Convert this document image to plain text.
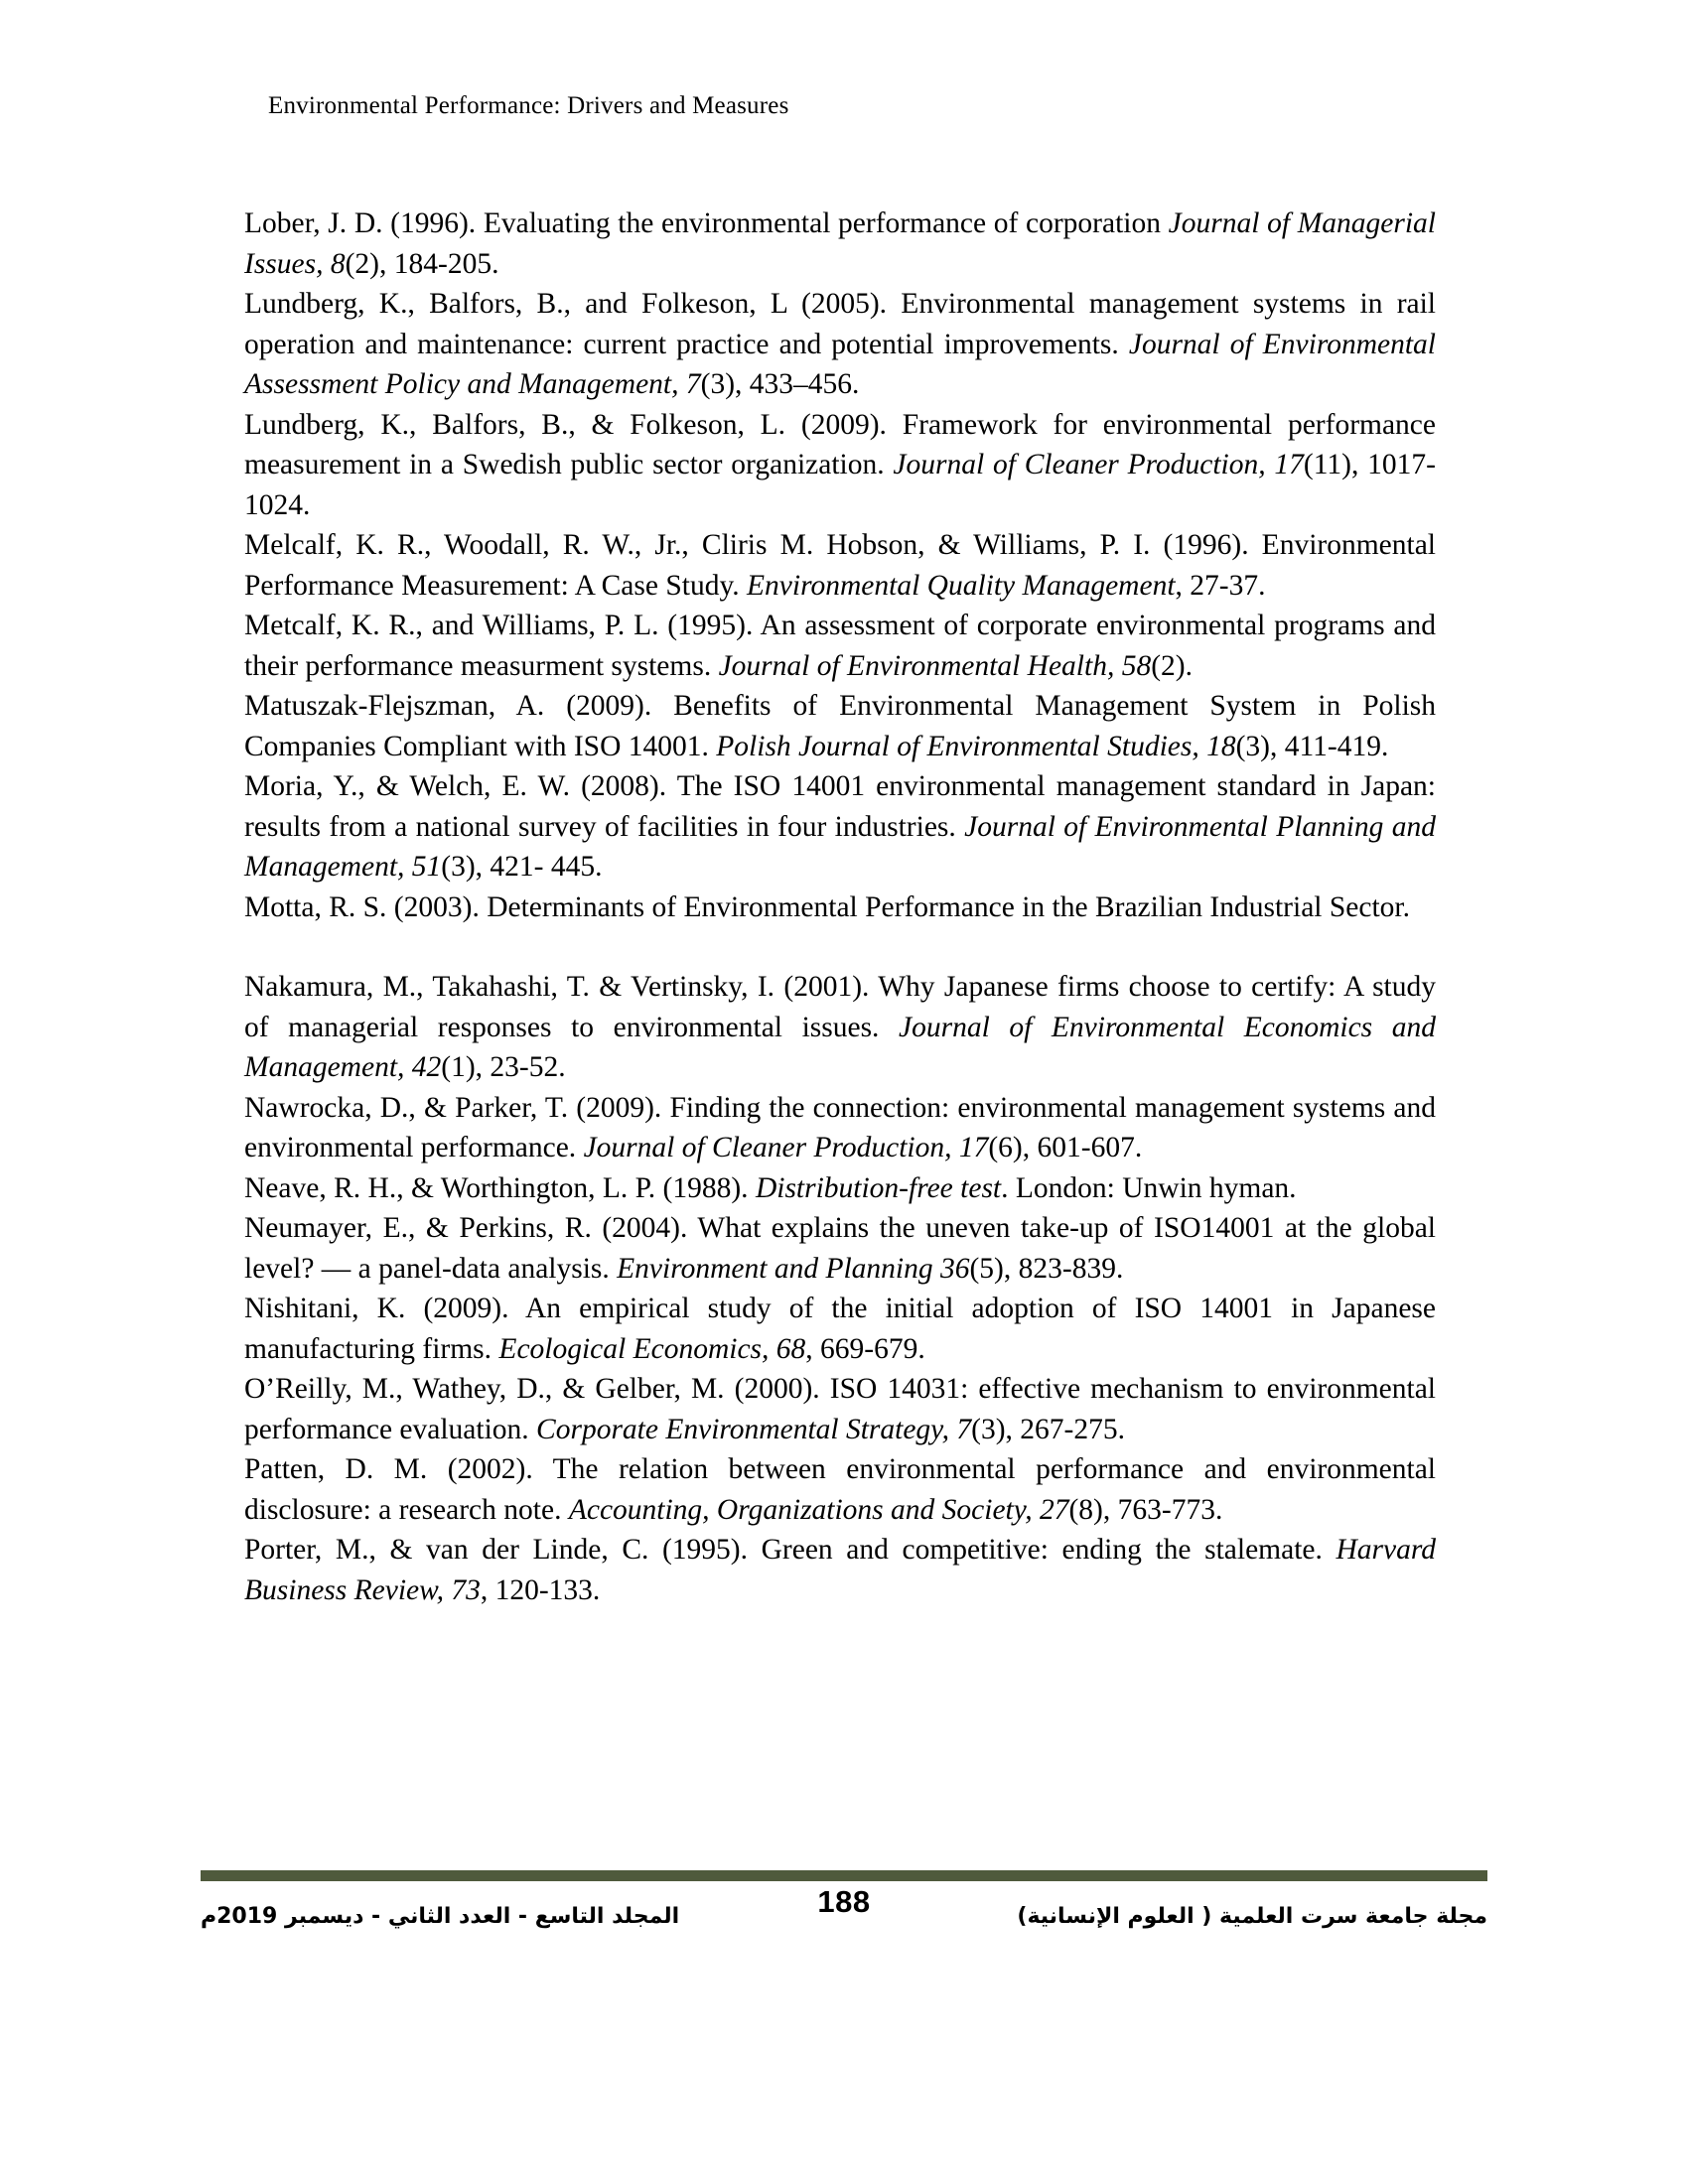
Environmental Performance: Drivers and Measures

Lober, J. D. (1996). Evaluating the environmental performance of corporation Journal of Managerial Issues, 8(2), 184-205.

Lundberg, K., Balfors, B., and Folkeson, L (2005). Environmental management systems in rail operation and maintenance: current practice and potential improvements. Journal of Environmental Assessment Policy and Management, 7(3), 433–456.

Lundberg, K., Balfors, B., & Folkeson, L. (2009). Framework for environmental performance measurement in a Swedish public sector organization. Journal of Cleaner Production, 17(11), 1017-1024.

Melcalf, K. R., Woodall, R. W., Jr., Cliris M. Hobson, & Williams, P. I. (1996). Environmental Performance Measurement: A Case Study. Environmental Quality Management, 27-37.

Metcalf, K. R., and Williams, P. L. (1995). An assessment of corporate environmental programs and their performance measurment systems. Journal of Environmental Health, 58(2).

Matuszak-Flejszman, A. (2009). Benefits of Environmental Management System in Polish Companies Compliant with ISO 14001. Polish Journal of Environmental Studies, 18(3), 411-419.

Moria, Y., & Welch, E. W. (2008). The ISO 14001 environmental management standard in Japan: results from a national survey of facilities in four industries. Journal of Environmental Planning and Management, 51(3), 421- 445.

Motta, R. S. (2003). Determinants of Environmental Performance in the Brazilian Industrial Sector.

Nakamura, M., Takahashi, T. & Vertinsky, I. (2001). Why Japanese firms choose to certify: A study of managerial responses to environmental issues. Journal of Environmental Economics and Management, 42(1), 23-52.

Nawrocka, D., & Parker, T. (2009). Finding the connection: environmental management systems and environmental performance. Journal of Cleaner Production, 17(6), 601-607.

Neave, R. H., & Worthington, L. P. (1988). Distribution-free test. London: Unwin hyman.

Neumayer, E., & Perkins, R. (2004). What explains the uneven take-up of ISO14001 at the global level? — a panel-data analysis. Environment and Planning 36(5), 823-839.

Nishitani, K. (2009). An empirical study of the initial adoption of ISO 14001 in Japanese manufacturing firms. Ecological Economics, 68, 669-679.

O’Reilly, M., Wathey, D., & Gelber, M. (2000). ISO 14031: effective mechanism to environmental performance evaluation. Corporate Environmental Strategy, 7(3), 267-275.

Patten, D. M. (2002). The relation between environmental performance and environmental disclosure: a research note. Accounting, Organizations and Society, 27(8), 763-773.

Porter, M., & van der Linde, C. (1995). Green and competitive: ending the stalemate. Harvard Business Review, 73, 120-133.

188	مجلة جامعة سرت العلمية ( العلوم الإنسانية)
المجلد التاسع - العدد الثاني - ديسمبر 2019م
